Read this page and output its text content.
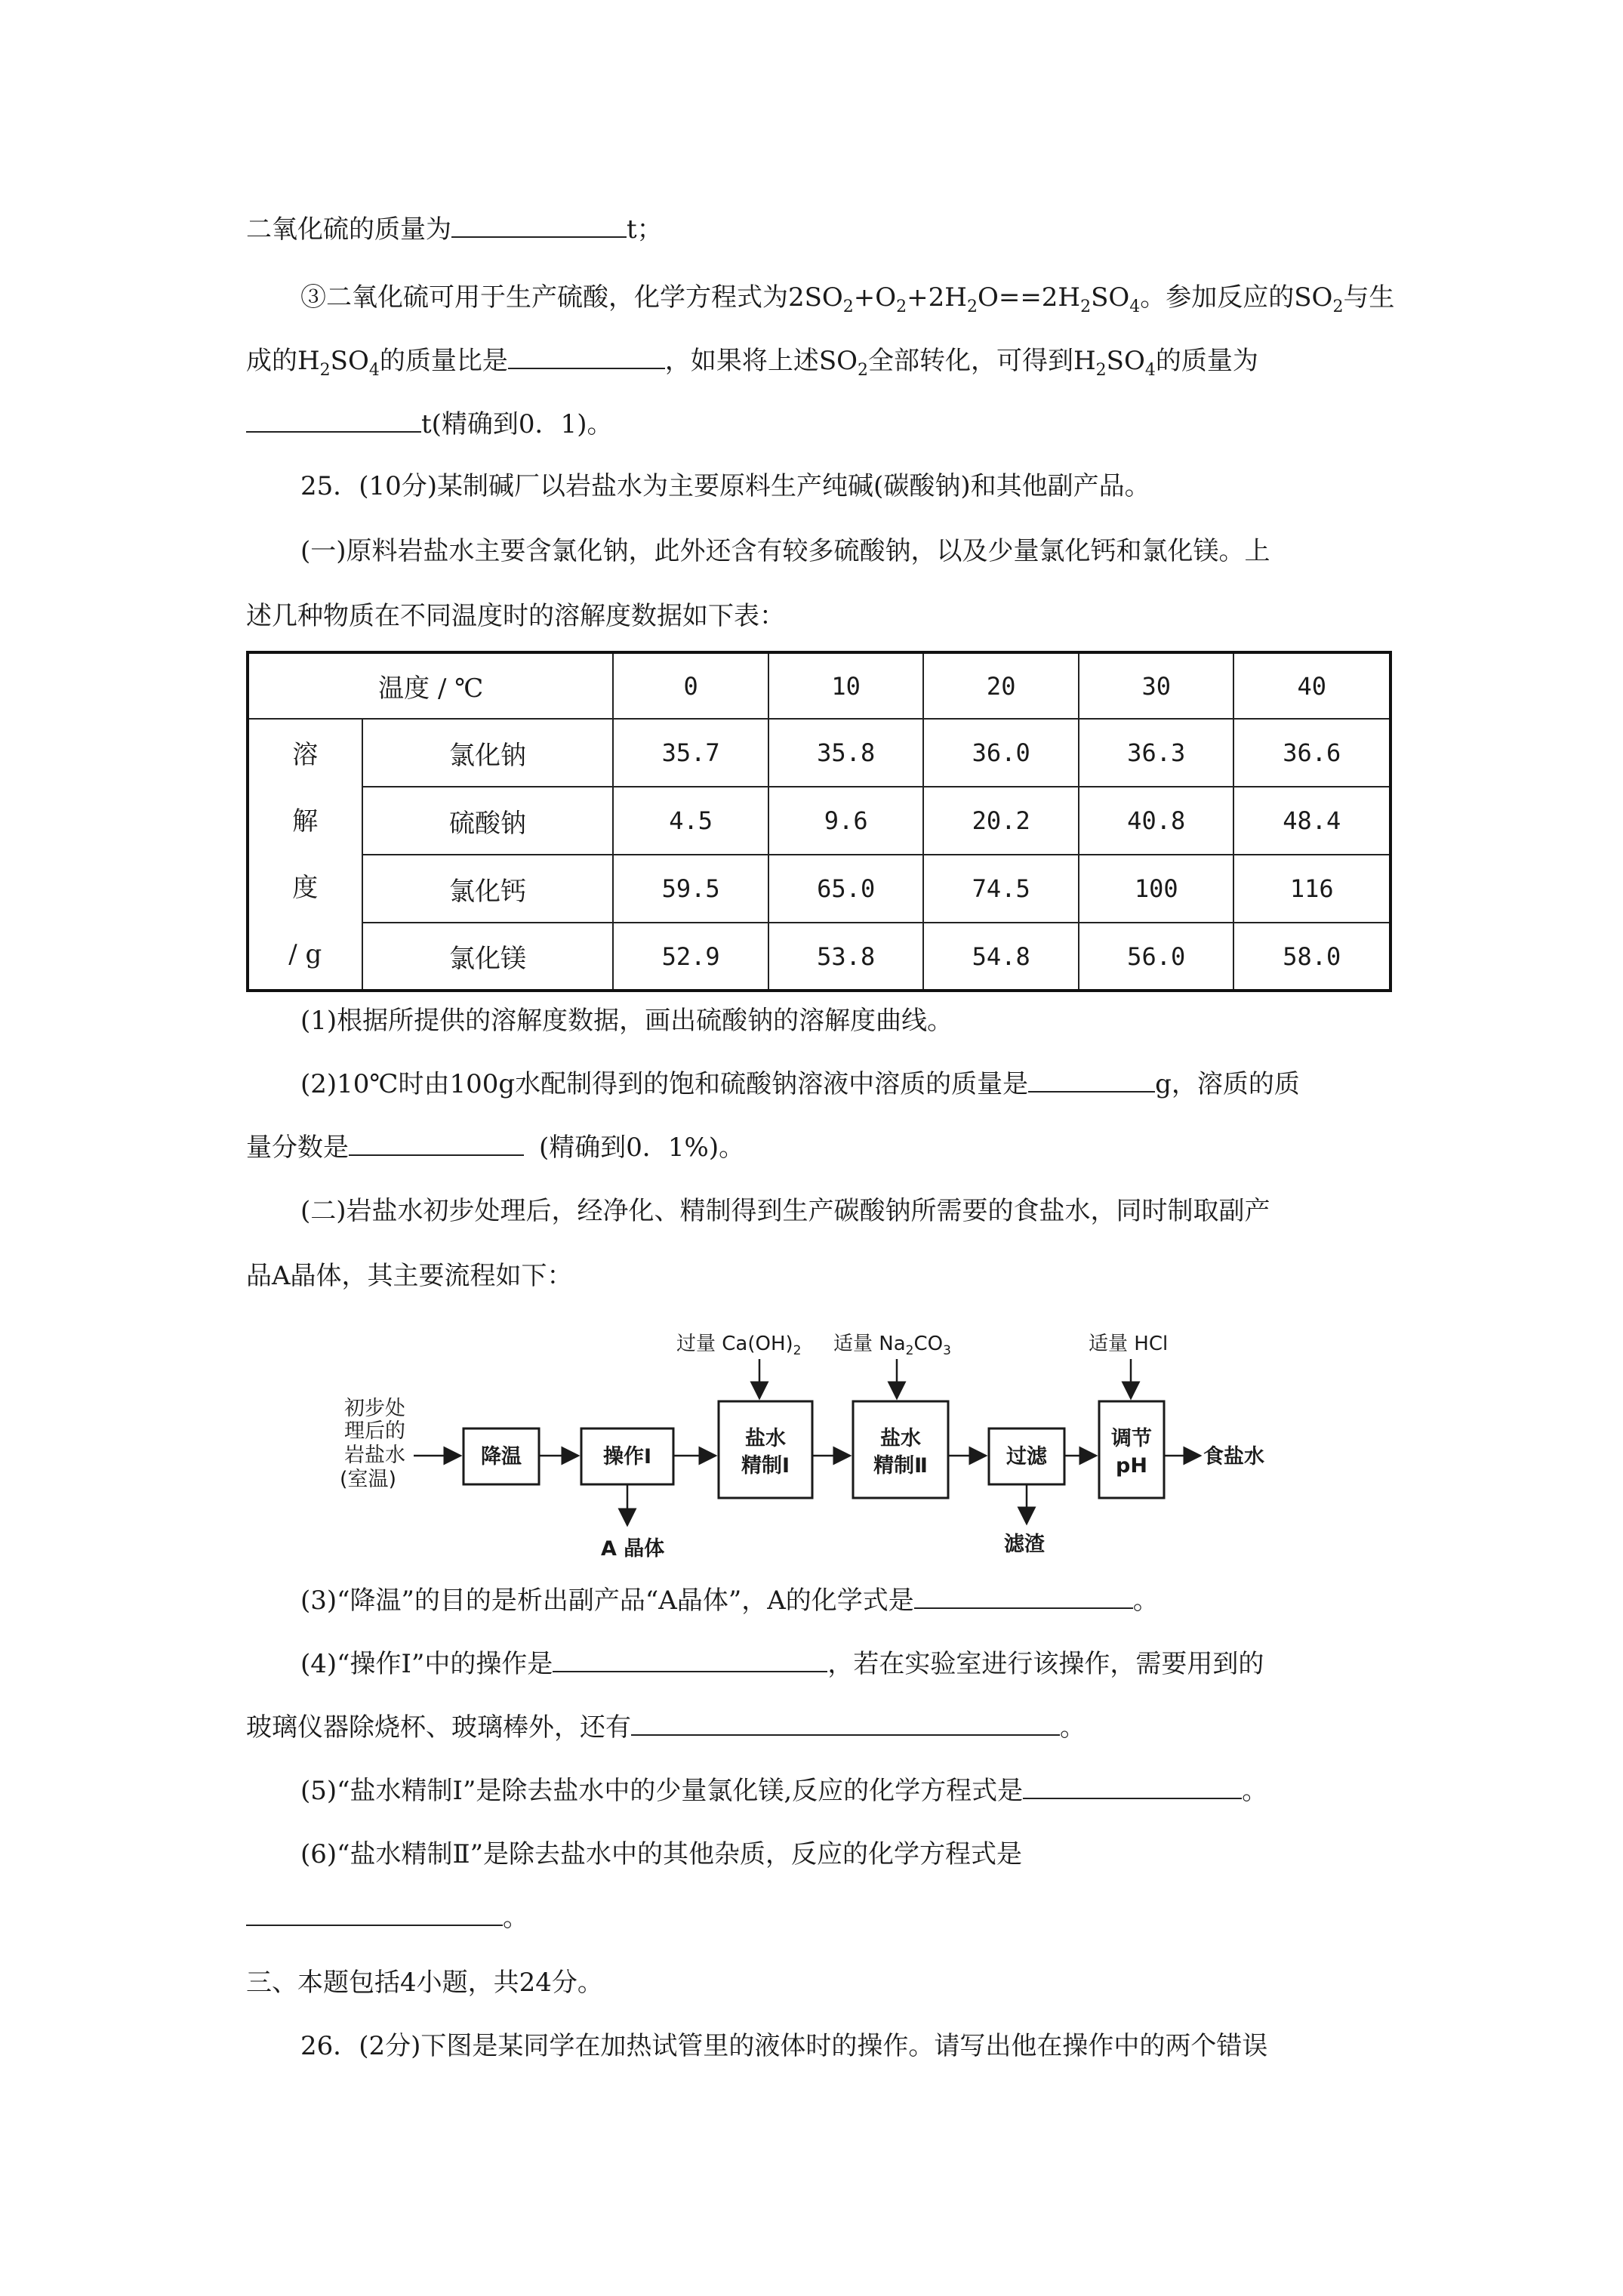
二氧化硫的质量为	t；
③二氧化硫可用于生产硫酸，化学方程式为$2SO_2+O_2+2H_2O==2H_2SO_4$。参加反应的$SO_2$与生
成的$H_2SO_4$的质量比是	，如果将上述$SO_2$全部转化，可得到$H_2SO_4$的质量为
t(精确到0．1)。
25．(10分)某制碱厂以岩盐水为主要原料生产纯碱(碳酸钠)和其他副产品。
(一)原料岩盐水主要含氯化钠，此外还含有较多硫酸钠，以及少量氯化钙和氯化镁。上
述几种物质在不同温度时的溶解度数据如下表：
温度 / ℃		0	10	20	30	40

溶
解
度
/ g	氯化钠	35.7	35.8	36.0	36.3	36.6
	硫酸钠	4.5	9.6	20.2	40.8	48.4
	氯化钙	59.5	65.0	74.5	100	116
	氯化镁	52.9	53.8	54.8	56.0	58.0
(1)根据所提供的溶解度数据，画出硫酸钠的溶解度曲线。
(2)10℃时由100g水配制得到的饱和硫酸钠溶液中溶质的质量是	g，溶质的质
量分数是	(精确到0．1%)。
(二)岩盐水初步处理后，经净化、精制得到生产碳酸钠所需要的食盐水，同时制取副产
品A晶体，其主要流程如下：
初步处
理后的
岩盐水
(室温)
降温	操作Ⅰ
A 晶体
过量 $Ca(OH)_2$
盐水
精制Ⅰ
适量 $Na_2CO_3$
盐水
精制Ⅱ	过滤
滤渣
适量 HCl
调节
pH	食盐水
(3)“降温”的目的是析出副产品“A晶体”，A的化学式是	。
(4)“操作I”中的操作是	，若在实验室进行该操作，需要用到的
玻璃仪器除烧杯、玻璃棒外，还有	。
(5)“盐水精制I”是除去盐水中的少量氯化镁,反应的化学方程式是	。
(6)“盐水精制Ⅱ”是除去盐水中的其他杂质，反应的化学方程式是
。
三、本题包括4小题，共24分。
26．(2分)下图是某同学在加热试管里的液体时的操作。请写出他在操作中的两个错误
